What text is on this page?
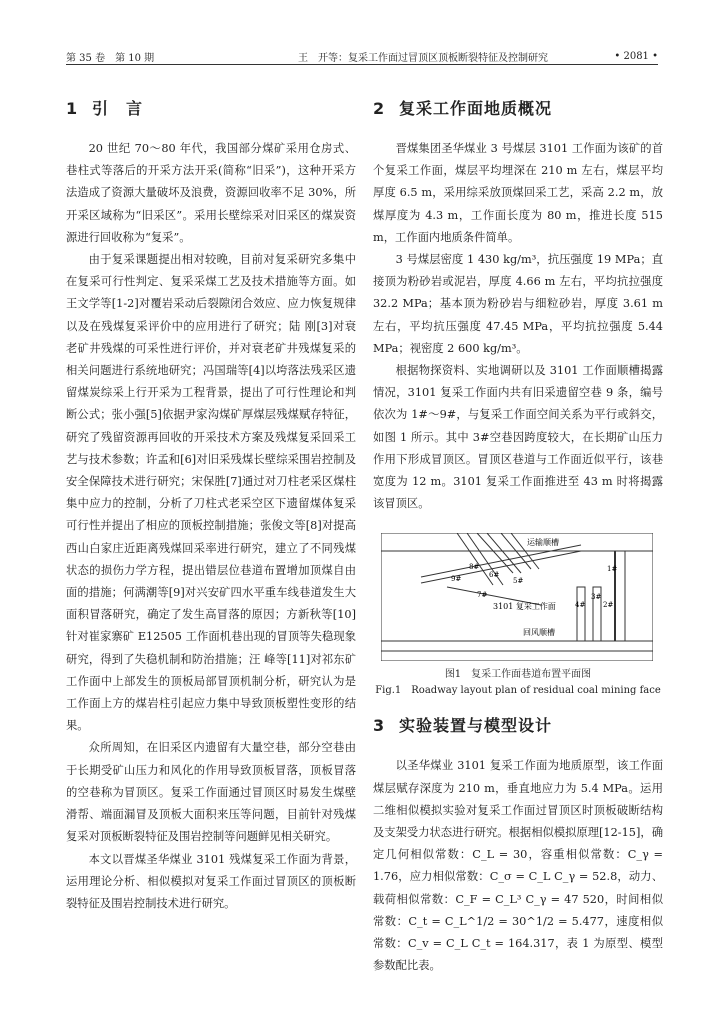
第 35 卷　第 10 期	王　开等：复采工作面过冒顶区顶板断裂特征及控制研究	• 2081 •
1 引　言

20 世纪 70～80 年代，我国部分煤矿采用仓房式、巷柱式等落后的开采方法开采(简称“旧采”)，这种开采方法造成了资源大量破坏及浪费，资源回收率不足 30%，所开采区域称为“旧采区”。采用长壁综采对旧采区的煤炭资源进行回收称为“复采”。

由于复采课题提出相对较晚，目前对复采研究多集中在复采可行性判定、复采采煤工艺及技术措施等方面。如王文学等[1-2]对覆岩采动后裂隙闭合效应、应力恢复规律以及在残煤复采评价中的应用进行了研究；陆 刚[3]对衰老矿井残煤的可采性进行评价，并对衰老矿井残煤复采的相关问题进行系统地研究；冯国瑞等[4]以垮落法残采区遗留煤炭综采上行开采为工程背景，提出了可行性理论和判断公式；张小强[5]依据尹家沟煤矿厚煤层残煤赋存特征，研究了残留资源再回收的开采技术方案及残煤复采回采工艺与技术参数；许孟和[6]对旧采残煤长壁综采围岩控制及安全保障技术进行研究；宋保胜[7]通过对刀柱老采区煤柱集中应力的控制，分析了刀柱式老采空区下遗留煤体复采可行性并提出了相应的顶板控制措施；张俊文等[8]对提高西山白家庄近距离残煤回采率进行研究，建立了不同残煤状态的损伤力学方程，提出错层位巷道布置增加顶煤自由面的措施；何满潮等[9]对兴安矿四水平重车线巷道发生大面积冒落研究，确定了发生高冒落的原因；方新秋等[10]针对崔家寨矿 E12505 工作面机巷出现的冒顶等失稳现象研究，得到了失稳机制和防治措施；汪 峰等[11]对祁东矿工作面中上部发生的顶板局部冒顶机制分析，研究认为是工作面上方的煤岩柱引起应力集中导致顶板塑性变形的结果。

众所周知，在旧采区内遗留有大量空巷，部分空巷由于长期受矿山压力和风化的作用导致顶板冒落，顶板冒落的空巷称为冒顶区。复采工作面通过冒顶区时易发生煤壁滑帮、端面漏冒及顶板大面积来压等问题，目前针对残煤复采对顶板断裂特征及围岩控制等问题鲜见相关研究。

本文以晋煤圣华煤业 3101 残煤复采工作面为背景，运用理论分析、相似模拟对复采工作面过冒顶区的顶板断裂特征及围岩控制技术进行研究。

2 复采工作面地质概况

晋煤集团圣华煤业 3 号煤层 3101 工作面为该矿的首个复采工作面，煤层平均埋深在 210 m 左右，煤层平均厚度 6.5 m，采用综采放顶煤回采工艺，采高 2.2 m，放煤厚度为 4.3 m，工作面长度为 80 m，推进长度 515 m，工作面内地质条件简单。

3 号煤层密度 1 430 kg/m³，抗压强度 19 MPa；直接顶为粉砂岩或泥岩，厚度 4.66 m 左右，平均抗拉强度 32.2 MPa；基本顶为粉砂岩与细粒砂岩，厚度 3.61 m 左右，平均抗压强度 47.45 MPa，平均抗拉强度 5.44 MPa；视密度 2 600 kg/m³。

根据物探资料、实地调研以及 3101 工作面顺槽揭露情况，3101 复采工作面内共有旧采遗留空巷 9 条，编号依次为 1#～9#，与复采工作面空间关系为平行或斜交，如图 1 所示。其中 3#空巷因跨度较大，在长期矿山压力作用下形成冒顶区。冒顶区巷道与工作面近似平行，该巷宽度为 12 m。3101 复采工作面推进至 43 m 时将揭露该冒顶区。

运输顺槽
3101 复采工作面
回风顺槽
1#
2#
3#
4#
5#
6#
7#
8#
9#
图1　复采工作面巷道布置平面图
Fig.1　Roadway layout plan of residual coal mining face
3 实验装置与模型设计

以圣华煤业 3101 复采工作面为地质原型，该工作面煤层赋存深度为 210 m，垂直地应力为 5.4 MPa。运用二维相似模拟实验对复采工作面过冒顶区时顶板破断结构及支架受力状态进行研究。根据相似模拟原理[12-15]，确定几何相似常数：C_L = 30，容重相似常数：C_γ = 1.76，应力相似常数：C_σ = C_L C_γ = 52.8，动力、载荷相似常数：C_F = C_L³ C_γ = 47 520，时间相似常数：C_t = C_L^1/2 = 30^1/2 = 5.477，速度相似常数：C_v = C_L C_t = 164.317，表 1 为原型、模型参数配比表。
